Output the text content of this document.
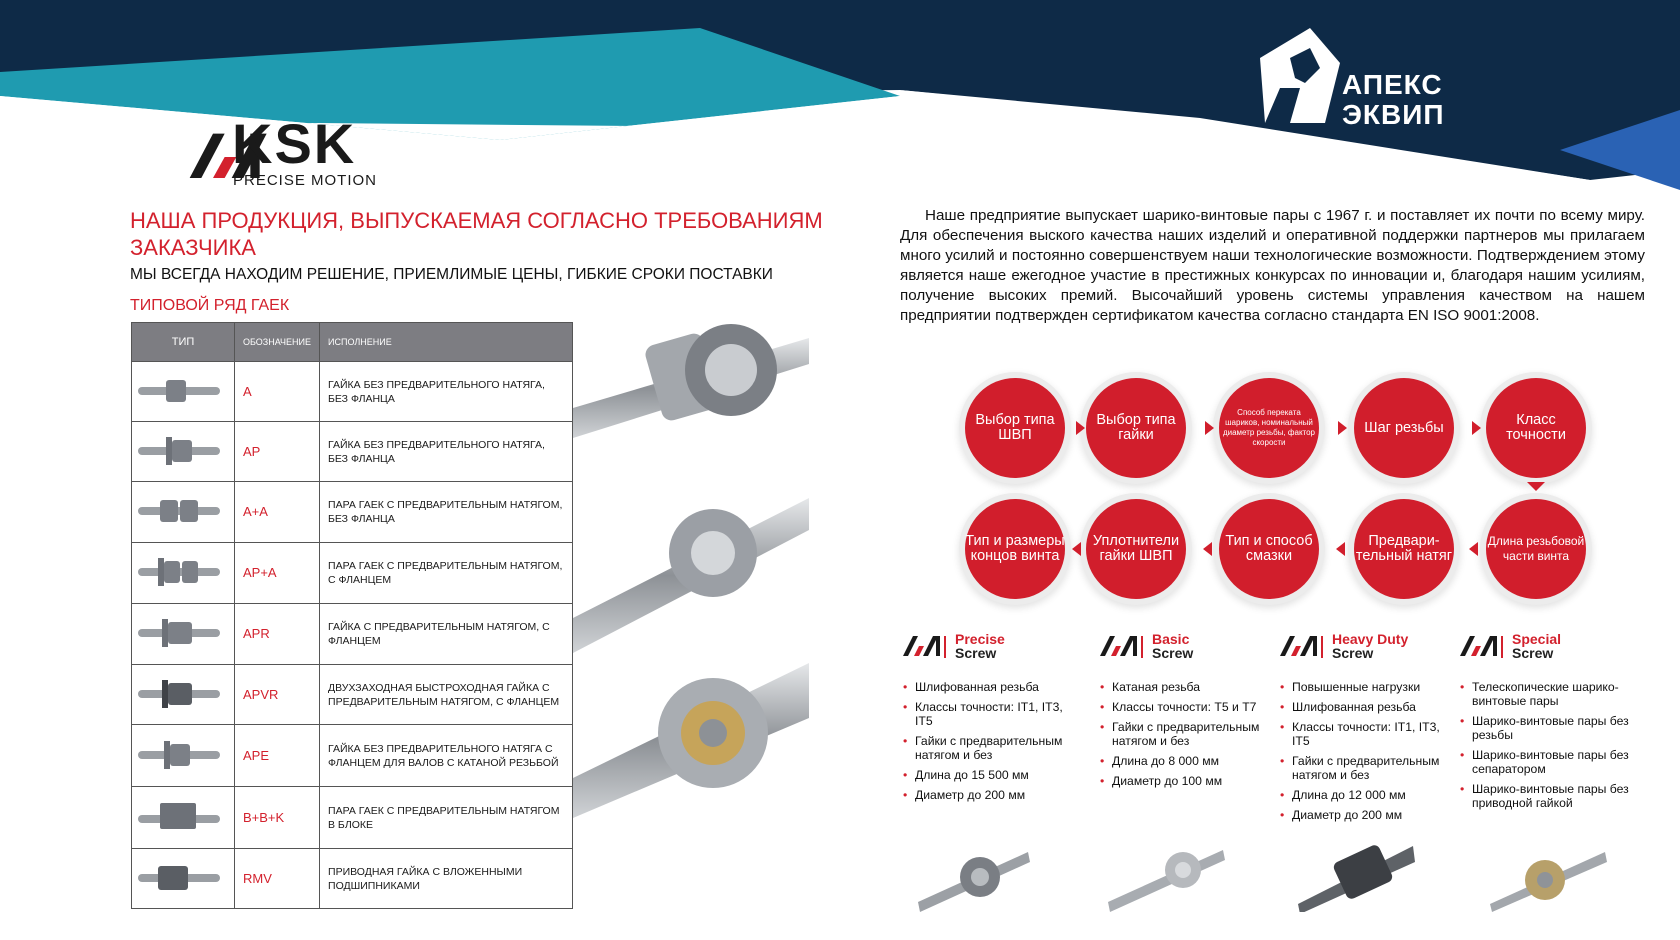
АПЕКС
ЭКВИП
KSK
PRECISE MOTION
НАША ПРОДУКЦИЯ, ВЫПУСКАЕМАЯ СОГЛАСНО ТРЕБОВАНИЯМ ЗАКАЗЧИКА
МЫ ВСЕГДА НАХОДИМ РЕШЕНИЕ, ПРИЕМЛИМЫЕ ЦЕНЫ, ГИБКИЕ СРОКИ ПОСТАВКИ
ТИПОВОЙ РЯД ГАЕК
ТИП	ОБОЗНАЧЕНИЕ	ИСПОЛНЕНИЕ
	A	ГАЙКА БЕЗ ПРЕДВАРИТЕЛЬНОГО НАТЯГА, БЕЗ ФЛАНЦА
	AP	ГАЙКА БЕЗ ПРЕДВАРИТЕЛЬНОГО НАТЯГА, БЕЗ ФЛАНЦА
	A+A	ПАРА ГАЕК С ПРЕДВАРИТЕЛЬНЫМ НАТЯГОМ, БЕЗ ФЛАНЦА
	AP+A	ПАРА ГАЕК С ПРЕДВАРИТЕЛЬНЫМ НАТЯГОМ, С ФЛАНЦЕМ
	APR	ГАЙКА С ПРЕДВАРИТЕЛЬНЫМ НАТЯГОМ, С ФЛАНЦЕМ
	APVR	ДВУХЗАХОДНАЯ БЫСТРОХОДНАЯ ГАЙКА С ПРЕДВАРИТЕЛЬНЫМ НАТЯГОМ, С ФЛАНЦЕМ
	APE	ГАЙКА БЕЗ ПРЕДВАРИТЕЛЬНОГО НАТЯГА С ФЛАНЦЕМ ДЛЯ ВАЛОВ С КАТАНОЙ РЕЗЬБОЙ
	B+B+K	ПАРА ГАЕК С ПРЕДВАРИТЕЛЬНЫМ НАТЯГОМ В БЛОКЕ
	RMV	ПРИВОДНАЯ ГАЙКА С ВЛОЖЕННЫМИ ПОДШИПНИКАМИ
Наше предприятие выпускает шарико-винтовые пары с 1967 г. и поставляет их почти по всему миру. Для обеспечения выского качества наших изделий и оперативной поддержки партнеров мы прилагаем много усилий и постоянно совершенствуем наши технологические возможности. Подтверждением этому является наше ежегодное участие в престижных конкурсах по инновации и, благодаря нашим усилиям, получение высоких премий. Высочайший уровень системы управления качеством на нашем предприятии подтвержден сертификатом качества согласно стандарта EN ISO 9001:2008.
Выбор типа ШВП
Выбор типа гайки
Способ перекатa шариков, номинальный диаметр резьбы, фактор скорости
Шаг резьбы	Класс точности
Длина резьбовой части винта
Предвари-тельный натяг
Тип и способ смазки
Уплотнители гайки ШВП
Тип и размеры концов винта
Precise
Screw
• Шлифованная резьба
• Классы точности: IT1, IT3, IT5
• Гайки с предварительным натягом и без
• Длина до 15 500 мм
• Диаметр до 200 мм
Basic
Screw
• Катаная резьба
• Классы точности: T5 и T7
• Гайки с предварительным натягом и без
• Длина до 8 000 мм
• Диаметр до 100 мм
Heavy Duty
Screw
• Повышенные нагрузки
• Шлифованная резьба
• Классы точности: IT1, IT3, IT5
• Гайки с предварительным натягом и без
• Длина до 12 000 мм
• Диаметр до 200 мм
Special
Screw
• Телескопические шарико-винтовые пары
• Шарико-винтовые пары без резьбы
• Шарико-винтовые пары без сепаратором
• Шарико-винтовые пары без приводной гайкой
